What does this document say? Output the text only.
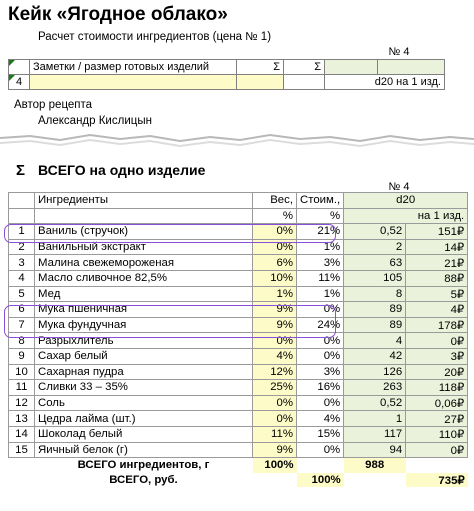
Кейк «Ягодное облако»
Расчет стоимости ингредиентов (цена № 1)
№ 4
	Заметки / размер готовых изделий	Σ	Σ		
4				d20 на 1 изд.	
Автор рецепта
Александр Кислицын
Σ ВСЕГО на одно изделие
№ 4
	Ингредиенты	Вес,	Стоим.,	d20	
		%	%	на 1 изд.	
1	Ваниль (стручок)	0%	21%	0,52	151₽
2	Ванильный экстракт	0%	1%	2	14₽
3	Малина свежемороженая	6%	3%	63	21₽
4	Масло сливочное 82,5%	10%	11%	105	88₽
5	Мед	1%	1%	8	5₽
6	Мука пшеничная	9%	0%	89	4₽
7	Мука фундучная	9%	24%	89	178₽
8	Разрыхлитель	0%	0%	4	0₽
9	Сахар белый	4%	0%	42	3₽
10	Сахарная пудра	12%	3%	126	20₽
11	Сливки 33 – 35%	25%	16%	263	118₽
12	Соль	0%	0%	0,52	0,06₽
13	Цедра лайма (шт.)	0%	4%	1	27₽
14	Шоколад белый	11%	15%	117	110₽
15	Яичный белок (г)	9%	0%	94	0₽
	ВСЕГО ингредиентов, г	100%		988	
	ВСЕГО, руб.		100%		735₽
